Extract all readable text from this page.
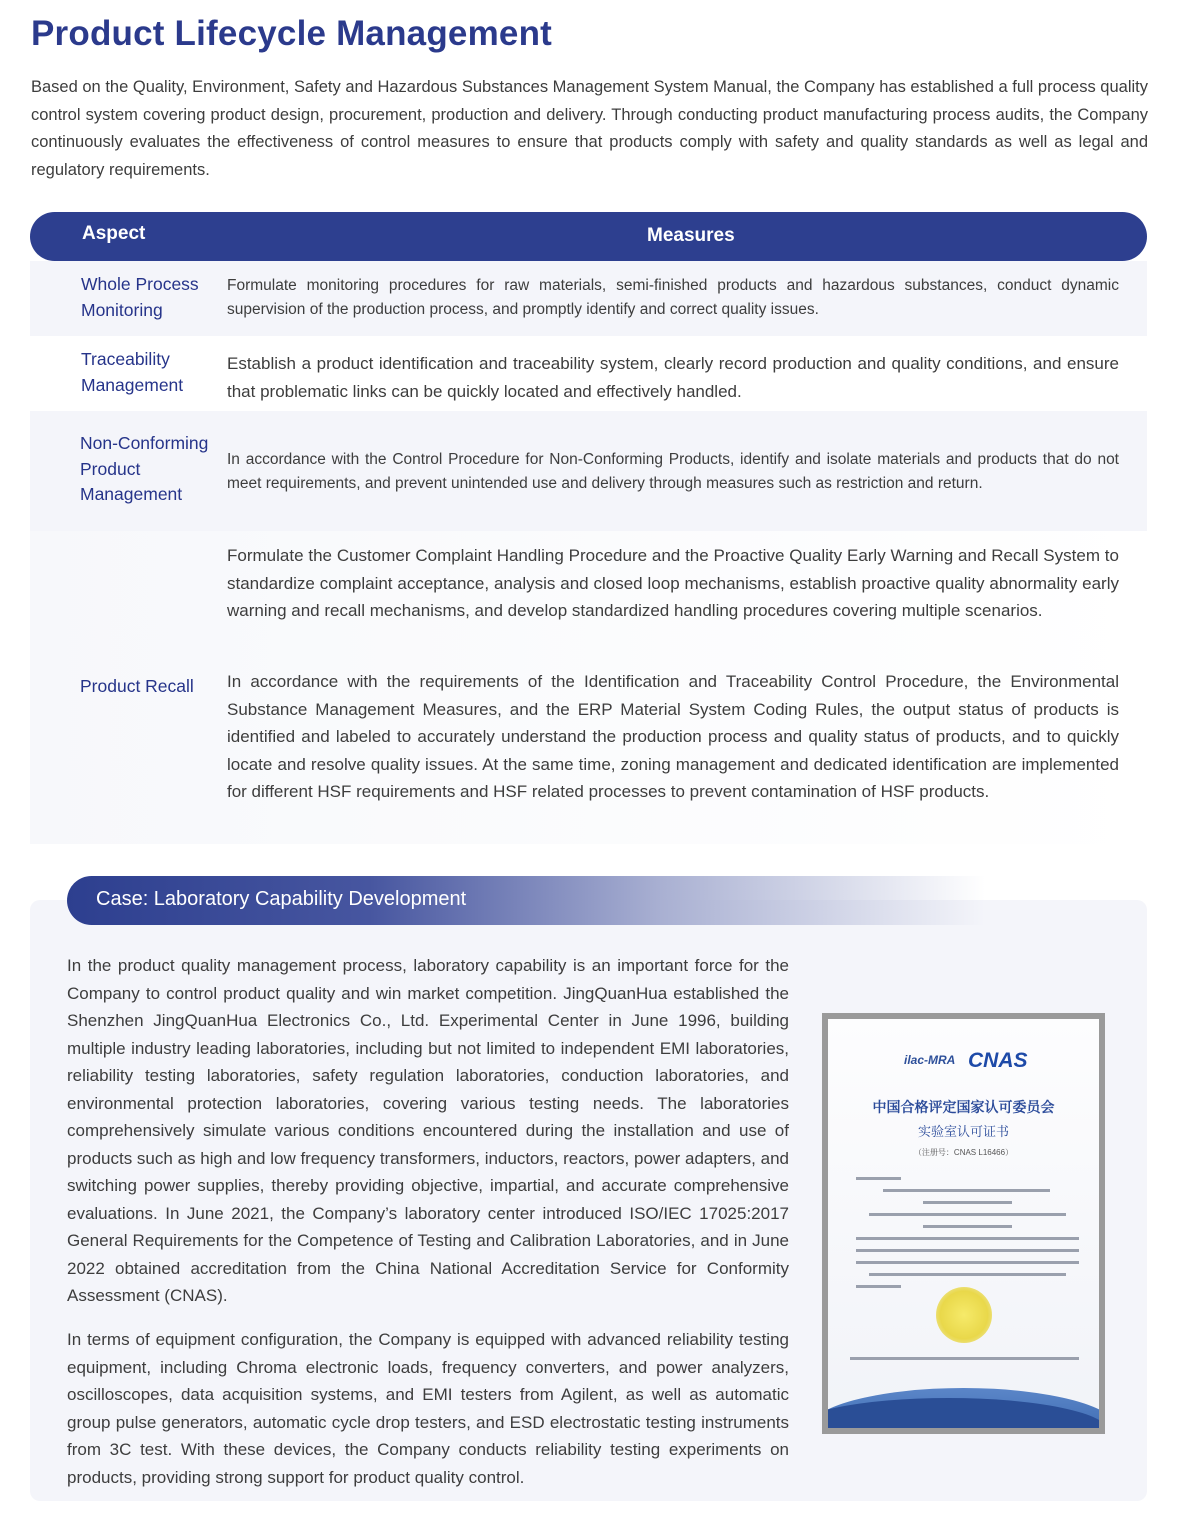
Product Lifecycle Management
Based on the Quality, Environment, Safety and Hazardous Substances Management System Manual, the Company has established a full process quality control system covering product design, procurement, production and delivery. Through conducting product manufacturing process audits, the Company continuously evaluates the effectiveness of control measures to ensure that products comply with safety and quality standards as well as legal and regulatory requirements.
Aspect	Measures
Whole Process Monitoring
Formulate monitoring procedures for raw materials, semi-finished products and hazardous substances, conduct dynamic supervision of the production process, and promptly identify and correct quality issues.
Traceability Management
Establish a product identification and traceability system, clearly record production and quality conditions, and ensure that problematic links can be quickly located and effectively handled.
Non-Conforming Product Management
In accordance with the Control Procedure for Non-Conforming Products, identify and isolate materials and products that do not meet requirements, and prevent unintended use and delivery through measures such as restriction and return.
Product Recall
Formulate the Customer Complaint Handling Procedure and the Proactive Quality Early Warning and Recall System to standardize complaint acceptance, analysis and closed loop mechanisms, establish proactive quality abnormality early warning and recall mechanisms, and develop standardized handling procedures covering multiple scenarios.
In accordance with the requirements of the Identification and Traceability Control Procedure, the Environmental Substance Management Measures, and the ERP Material System Coding Rules, the output status of products is identified and labeled to accurately understand the production process and quality status of products, and to quickly locate and resolve quality issues. At the same time, zoning management and dedicated identification are implemented for different HSF requirements and HSF related processes to prevent contamination of HSF products.
Case: Laboratory Capability Development
In the product quality management process, laboratory capability is an important force for the Company to control product quality and win market competition. JingQuanHua established the Shenzhen JingQuanHua Electronics Co., Ltd. Experimental Center in June 1996, building multiple industry leading laboratories, including but not limited to independent EMI laboratories, reliability testing laboratories, safety regulation laboratories, conduction laboratories, and environmental protection laboratories, covering various testing needs. The laboratories comprehensively simulate various conditions encountered during the installation and use of products such as high and low frequency transformers, inductors, reactors, power adapters, and switching power supplies, thereby providing objective, impartial, and accurate comprehensive evaluations. In June 2021, the Company’s laboratory center introduced ISO/IEC 17025:2017 General Requirements for the Competence of Testing and Calibration Laboratories, and in June 2022 obtained accreditation from the China National Accreditation Service for Conformity Assessment (CNAS).
In terms of equipment configuration, the Company is equipped with advanced reliability testing equipment, including Chroma electronic loads, frequency converters, and power analyzers, oscilloscopes, data acquisition systems, and EMI testers from Agilent, as well as automatic group pulse generators, automatic cycle drop testers, and ESD electrostatic testing instruments from 3C test. With these devices, the Company conducts reliability testing experiments on products, providing strong support for product quality control.
ilac-MRA CNAS
中国合格评定国家认可委员会
实验室认可证书
（注册号：CNAS L16466）
